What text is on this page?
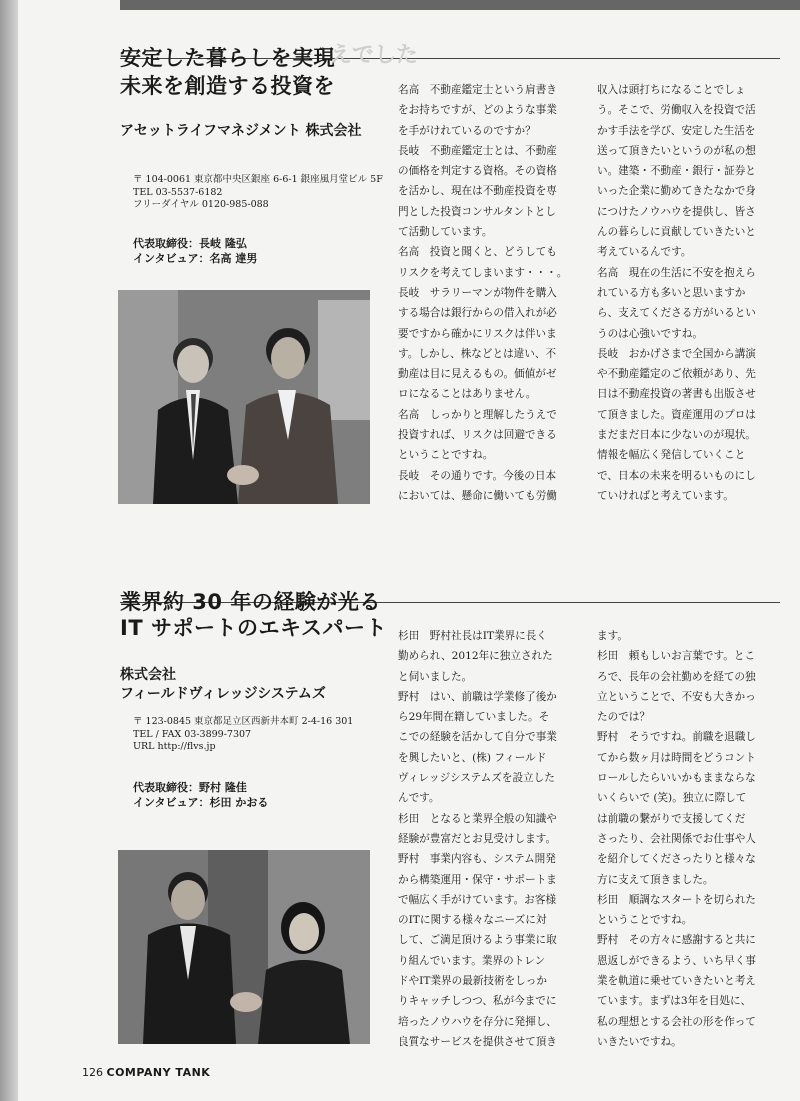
安定した暮らしを実現
未来を創造する投資を
アセットライフマネジメント 株式会社
〒 104-0061 東京都中央区銀座 6-6-1 銀座風月堂ビル 5F
TEL 03-5537-6182
フリーダイヤル 0120-985-088
代表取締役：長岐 隆弘
インタビュア：名高 達男
えでした
名高　不動産鑑定士という肩書き
をお持ちですが、どのような事業
を手がけれているのですか？
長岐　不動産鑑定士とは、不動産
の価格を判定する資格。その資格
を活かし、現在は不動産投資を専
門とした投資コンサルタントとし
て活動しています。
名高　投資と聞くと、どうしても
リスクを考えてしまいます・・・。
長岐　サラリーマンが物件を購入
する場合は銀行からの借入れが必
要ですから確かにリスクは伴いま
す。しかし、株などとは違い、不
動産は目に見えるもの。価値がゼ
ロになることはありません。
名高　しっかりと理解したうえで
投資すれば、リスクは回避できる
ということですね。
長岐　その通りです。今後の日本
においては、懸命に働いても労働
収入は頭打ちになることでしょ
う。そこで、労働収入を投資で活
かす手法を学び、安定した生活を
送って頂きたいというのが私の想
い。建築・不動産・銀行・証券と
いった企業に勤めてきたなかで身
につけたノウハウを提供し、皆さ
んの暮らしに貢献していきたいと
考えているんです。
名高　現在の生活に不安を抱えら
れている方も多いと思いますか
ら、支えてくださる方がいるとい
うのは心強いですね。
長岐　おかげさまで全国から講演
や不動産鑑定のご依頼があり、先
日は不動産投資の著書も出版させ
て頂きました。資産運用のプロは
まだまだ日本に少ないのが現状。
情報を幅広く発信していくこと
で、日本の未来を明るいものにし
ていければと考えています。
業界約 30 年の経験が光る
IT サポートのエキスパート
株式会社
フィールドヴィレッジシステムズ
〒 123-0845 東京都足立区西新井本町 2-4-16 301
TEL / FAX 03-3899-7307
URL http://flvs.jp
代表取締役：野村 隆佳
インタビュア：杉田 かおる
杉田　野村社長はIT業界に長く
勤められ、2012年に独立された
と伺いました。
野村　はい、前職は学業修了後か
ら29年間在籍していました。そ
こでの経験を活かして自分で事業
を興したいと、(株) フィールド
ヴィレッジシステムズを設立した
んです。
杉田　となると業界全般の知識や
経験が豊富だとお見受けします。
野村　事業内容も、システム開発
から構築運用・保守・サポートま
で幅広く手がけています。お客様
のITに関する様々なニーズに対
して、ご満足頂けるよう事業に取
り組んでいます。業界のトレン
ドやIT業界の最新技術をしっか
りキャッチしつつ、私が今までに
培ったノウハウを存分に発揮し、
良質なサービスを提供させて頂き
ます。
杉田　頼もしいお言葉です。とこ
ろで、長年の会社勤めを経ての独
立ということで、不安も大きかっ
たのでは？
野村　そうですね。前職を退職し
てから数ヶ月は時間をどうコント
ロールしたらいいかもままならな
いくらいで (笑)。独立に際して
は前職の繋がりで支援してくだ
さったり、会社関係でお仕事や人
を紹介してくださったりと様々な
方に支えて頂きました。
杉田　順調なスタートを切られた
ということですね。
野村　その方々に感謝すると共に
恩返しができるよう、いち早く事
業を軌道に乗せていきたいと考え
ています。まずは3年を目処に、
私の理想とする会社の形を作って
いきたいですね。
126 COMPANY TANK
